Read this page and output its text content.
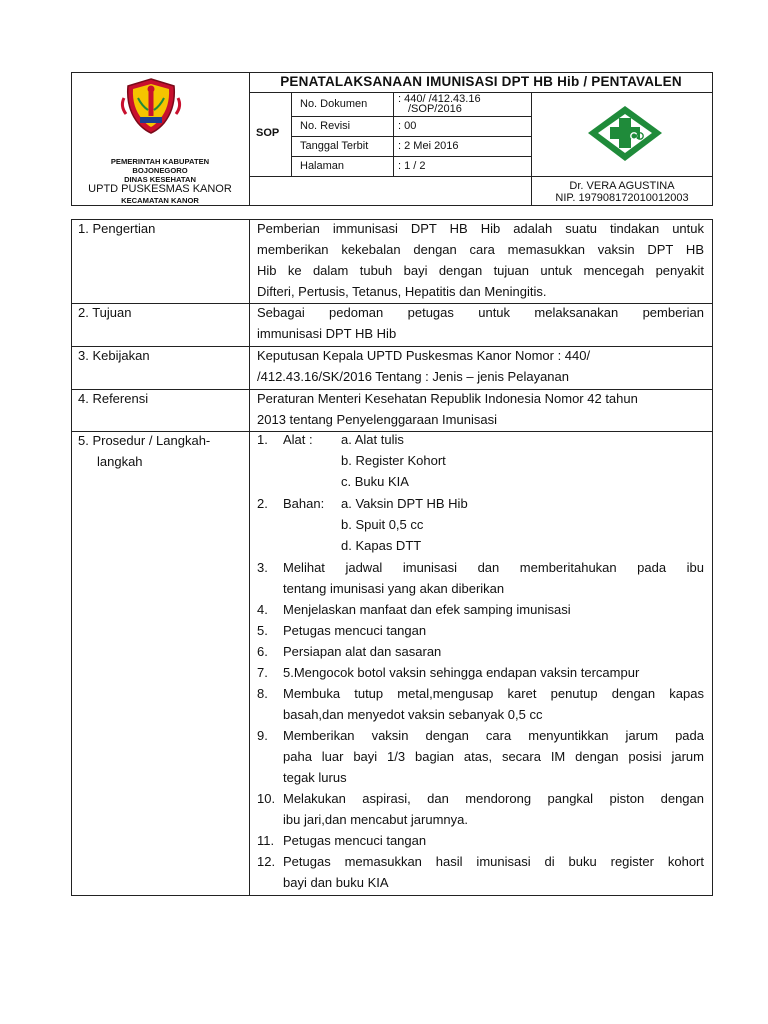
PEMERINTAH KABUPATEN
BOJONEGORO
DINAS KESEHATAN
UPTD PUSKESMAS KANOR
KECAMATAN KANOR
PENATALAKSANAAN IMUNISASI DPT HB Hib / PENTAVALEN
SOP
No. Dokumen
No. Revisi
Tanggal Terbit
Halaman
: 440/ /412.43.16
/SOP/2016
: 00
: 2 Mei 2016
: 1 / 2
Dr. VERA AGUSTINA
NIP. 197908172010012003
1. Pengertian
2. Tujuan
3. Kebijakan
4. Referensi
5. Prosedur / Langkah-
langkah
Pemberian immunisasi DPT HB Hib adalah suatu tindakan untuk
memberikan kekebalan dengan cara memasukkan vaksin DPT HB
Hib ke dalam tubuh bayi dengan tujuan untuk mencegah penyakit
Difteri, Pertusis, Tetanus, Hepatitis dan Meningitis.
Sebagai pedoman petugas untuk melaksanakan pemberian
immunisasi DPT HB Hib
Keputusan Kepala UPTD Puskesmas Kanor Nomor : 440/
/412.43.16/SK/2016 Tentang : Jenis – jenis Pelayanan
Peraturan Menteri Kesehatan Republik Indonesia Nomor 42 tahun
2013 tentang Penyelenggaraan Imunisasi
1. Alat : a. Alat tulis
b. Register Kohort
c. Buku KIA
2. Bahan: a. Vaksin DPT HB Hib
b. Spuit 0,5 cc
d. Kapas DTT
3. Melihat jadwal imunisasi dan memberitahukan pada ibu
tentang imunisasi yang akan diberikan
4. Menjelaskan manfaat dan efek samping imunisasi
5. Petugas mencuci tangan
6. Persiapan alat dan sasaran
7. 5.Mengocok botol vaksin sehingga endapan vaksin tercampur
8. Membuka tutup metal,mengusap karet penutup dengan kapas
basah,dan menyedot vaksin sebanyak 0,5 cc
9. Memberikan vaksin dengan cara menyuntikkan jarum pada
paha luar bayi 1/3 bagian atas, secara IM dengan posisi jarum
tegak lurus
10. Melakukan aspirasi, dan mendorong pangkal piston dengan
ibu jari,dan mencabut jarumnya.
11. Petugas mencuci tangan
12. Petugas memasukkan hasil imunisasi di buku register kohort
bayi dan buku KIA
